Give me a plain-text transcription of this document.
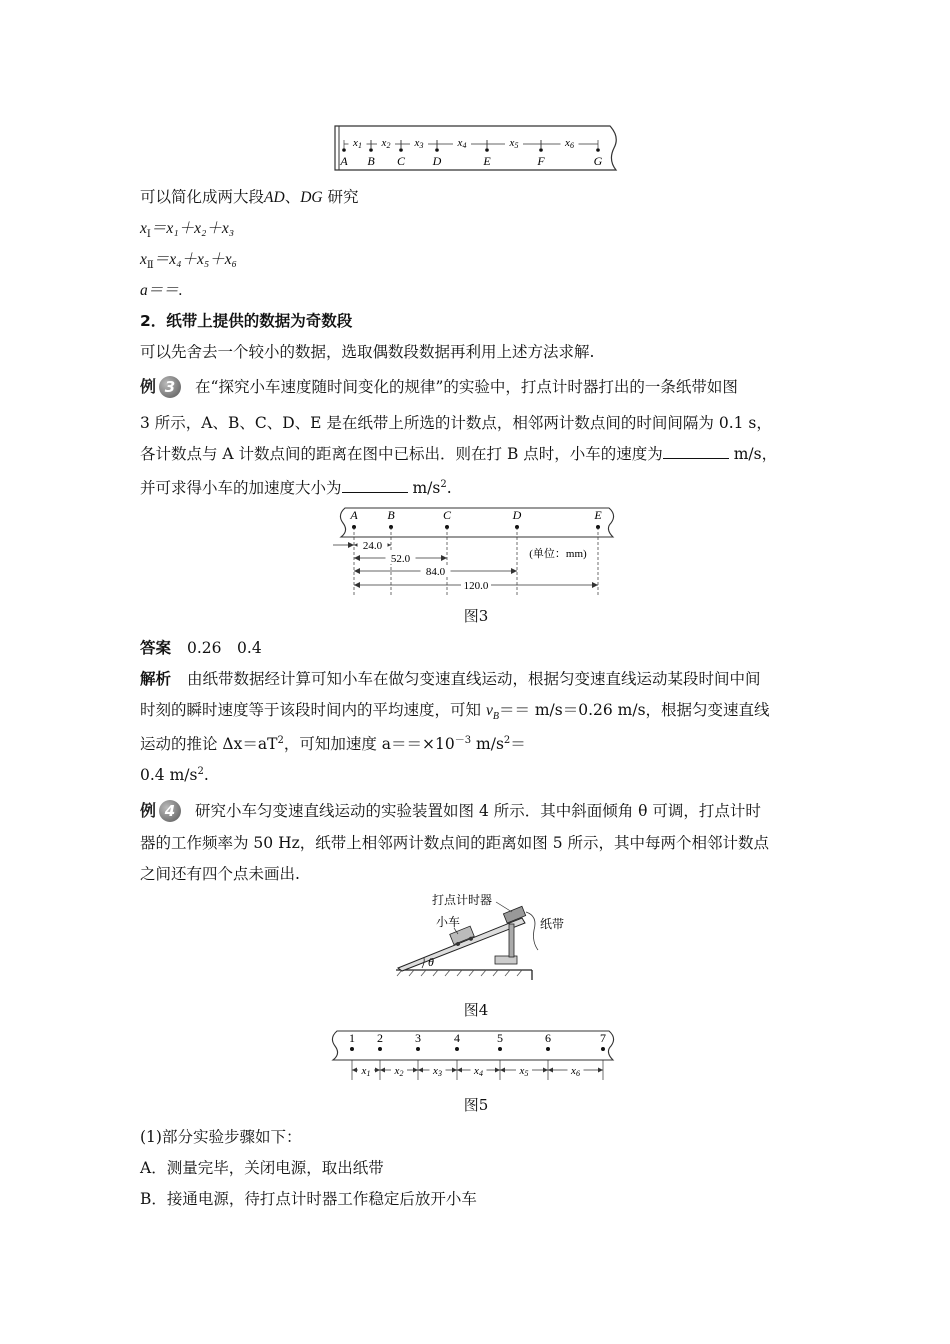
A B C D	E	F	G
x1 x2 x3	x4	x5	x6
可以简化成两大段AD、DG 研究
$x_Ⅰ=x_1+x_2+x_3$
$x_Ⅱ=x_4+x_5+x_6$
a＝＝.
2．纸带上提供的数据为奇数段
可以先舍去一个较小的数据，选取偶数段数据再利用上述方法求解.
例 3	在“探究小车速度随时间变化的规律”的实验中，打点计时器打出的一条纸带如图
3 所示，A、B、C、D、E 是在纸带上所选的计数点，相邻两计数点间的时间间隔为 0.1 s，
各计数点与 A 计数点间的距离在图中已标出．则在打 B 点时，小车的速度为	m/s，
并可求得小车的加速度大小为	$m/s^2$.
A B	C	D	E
24.0
52.0
84.0
120.0
(单位：mm)
图3
答案 0.26　0.4
解析 由纸带数据经计算可知小车在做匀变速直线运动，根据匀变速直线运动某段时间中间
时刻的瞬时速度等于该段时间内的平均速度，可知 $v_B== m/s=0.26$ m/s，根据匀变速直线
运动的推论 $\Delta x=aT^2$，可知加速度 $a==\times 10^{-3}$ $m/s^2=$
0.4 $m/s^2$.
例 4	研究小车匀变速直线运动的实验装置如图 4 所示．其中斜面倾角 θ 可调，打点计时
器的工作频率为 50 Hz，纸带上相邻两计数点间的距离如图 5 所示，其中每两个相邻计数点
之间还有四个点未画出.
θ
打点计时器
小车	纸带
图4
1 2	3	4	5	6	7
x1 x2	x3	x4	x5	x6
图5
(1)部分实验步骤如下：
A．测量完毕，关闭电源，取出纸带
B．接通电源，待打点计时器工作稳定后放开小车
